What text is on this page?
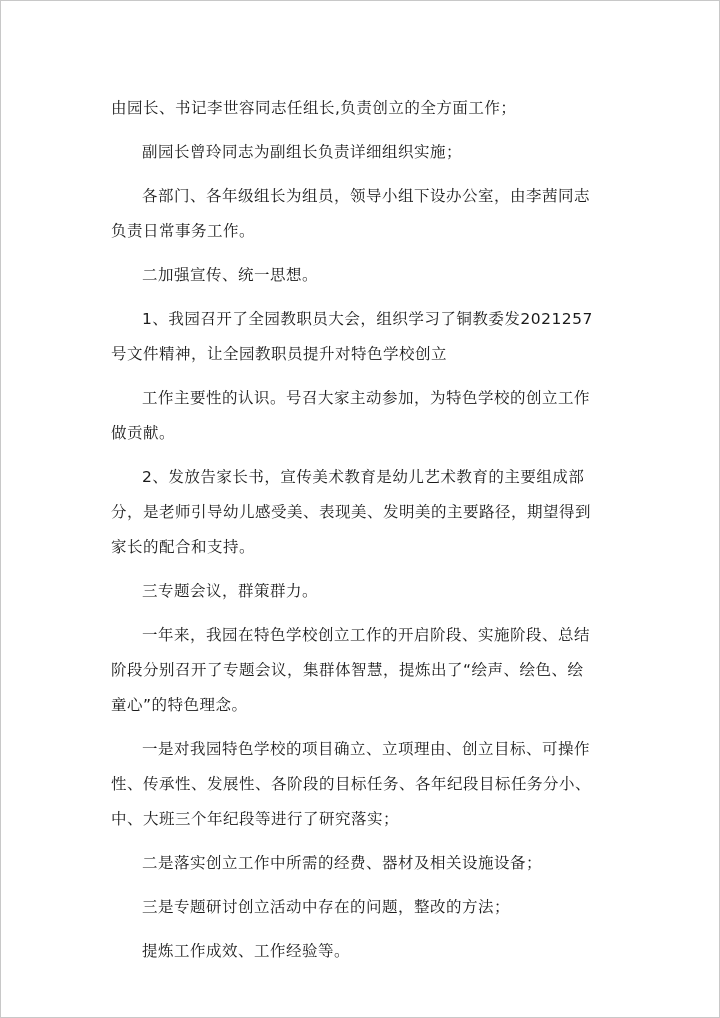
由园长、书记李世容同志任组长,负责创立的全方面工作；
副园长曾玲同志为副组长负责详细组织实施；
各部门、各年级组长为组员，领导小组下设办公室，由李茜同志
负责日常事务工作。
二加强宣传、统一思想。
1、我园召开了全园教职员大会，组织学习了铜教委发2021257
号文件精神，让全园教职员提升对特色学校创立
工作主要性的认识。号召大家主动参加，为特色学校的创立工作
做贡献。
2、发放告家长书，宣传美术教育是幼儿艺术教育的主要组成部
分，是老师引导幼儿感受美、表现美、发明美的主要路径，期望得到
家长的配合和支持。
三专题会议，群策群力。
一年来，我园在特色学校创立工作的开启阶段、实施阶段、总结
阶段分别召开了专题会议，集群体智慧，提炼出了“绘声、绘色、绘
童心”的特色理念。
一是对我园特色学校的项目确立、立项理由、创立目标、可操作
性、传承性、发展性、各阶段的目标任务、各年纪段目标任务分小、
中、大班三个年纪段等进行了研究落实；
二是落实创立工作中所需的经费、器材及相关设施设备；
三是专题研讨创立活动中存在的问题，整改的方法；
提炼工作成效、工作经验等。
